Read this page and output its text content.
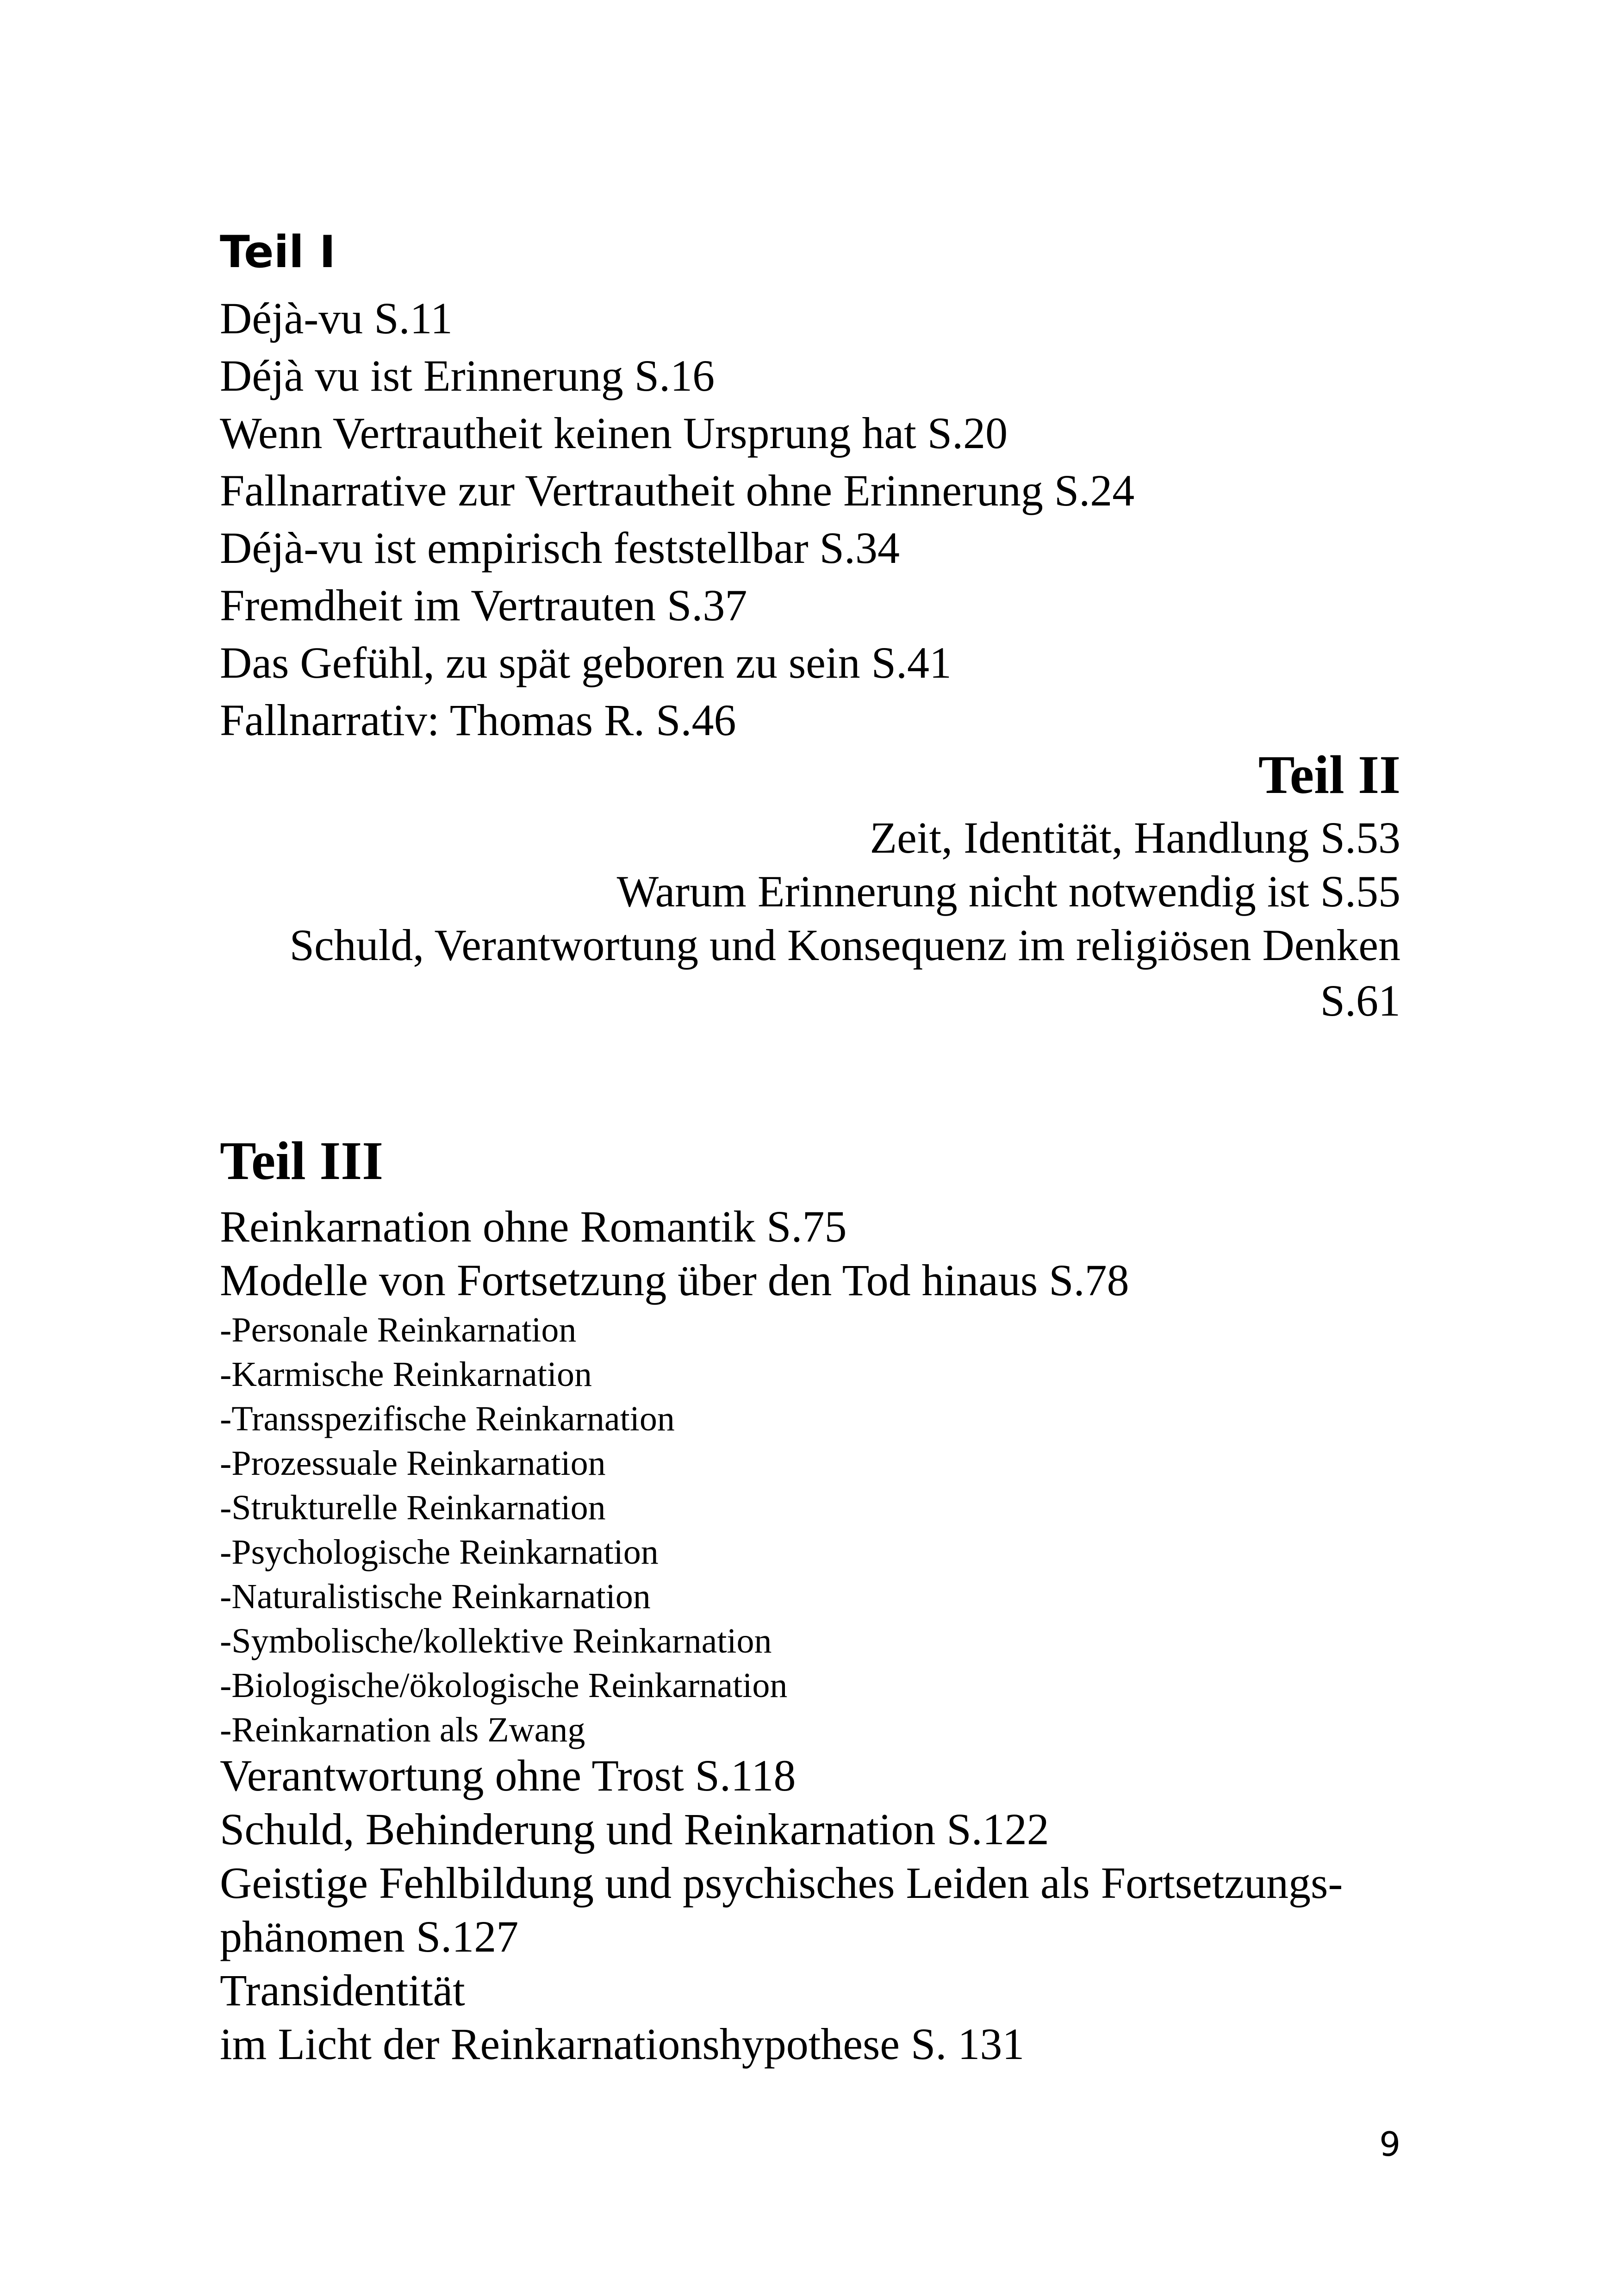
Teil I
Déjà-vu S.11
Déjà vu ist Erinnerung S.16
Wenn Vertrautheit keinen Ursprung hat S.20
Fallnarrative zur Vertrautheit ohne Erinnerung S.24
Déjà-vu ist empirisch feststellbar S.34
Fremdheit im Vertrauten S.37
Das Gefühl, zu spät geboren zu sein S.41
Fallnarrativ: Thomas R. S.46
Teil II
Zeit, Identität, Handlung S.53
Warum Erinnerung nicht notwendig ist S.55
Schuld, Verantwortung und Konsequenz im religiösen Denken
S.61
Teil III
Reinkarnation ohne Romantik S.75
Modelle von Fortsetzung über den Tod hinaus S.78
-Personale Reinkarnation
-Karmische Reinkarnation
-Transspezifische Reinkarnation
-Prozessuale Reinkarnation
-Strukturelle Reinkarnation
-Psychologische Reinkarnation
-Naturalistische Reinkarnation
-Symbolische/kollektive Reinkarnation
-Biologische/ökologische Reinkarnation
-Reinkarnation als Zwang
Verantwortung ohne Trost S.118
Schuld, Behinderung und Reinkarnation S.122
Geistige Fehlbildung und psychisches Leiden als Fortsetzungs-
phänomen S.127
Transidentität
im Licht der Reinkarnationshypothese S. 131
9
